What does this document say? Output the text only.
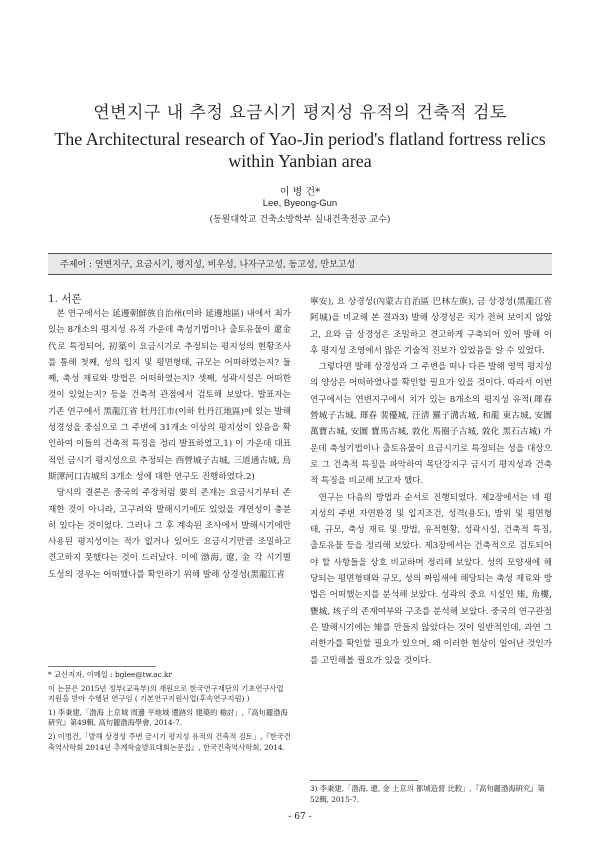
연변지구 내 추정 요금시기 평지성 유적의 건축적 검토
The Architectural research of Yao-Jin period's flatland fortress relics
within Yanbian area
이 병 건*
Lee, Byeong-Gun
(동원대학교 건축소방학부 실내건축전공 교수)
주제어 : 연변지구, 요금시기, 평지성, 비우성, 나자구고성, 동고성, 만보고성
1. 서론

본 연구에서는 延邊朝鮮族自治州(이하 延邊地區) 내에서 최가 있는 8개소의 평지성 유적 가운데 축성기법이나 출토유물이 遼金代로 특정되어, 初築이 요금시기로 추정되는 평지성의 현황조사를 통해 첫째, 성의 입지 및 평면형태, 규모는 어떠하였는지? 둘째, 축성 재료와 방법은 어떠하였는지? 셋째, 성곽시설은 어떠한 것이 있었는지? 등을 건축적 관점에서 검토해 보았다. 발표자는 기존 연구에서 黑龍江省 牡丹江市(이하 牡丹江地區)에 있는 발해 성경성을 중심으로 그 주변에 31개소 이상의 평지성이 있음을 확인하여 이들의 건축적 특징을 정리 발표하였고,1) 이 가운데 대표적인 금시기 평지성으로 추정되는 西營城子古城, 三道通古城, 烏斯渾河口古城의 3개소 성에 대한 연구도 진행하였다.2)

당시의 결론은 중국의 주장처럼 要의 존재는 요금시기부터 존재한 것이 아니라, 고구려와 발해시기에도 있었을 개연성이 충분히 있다는 것이었다. 그러나 그 후 계속된 조사에서 발해시기에만 사용된 평지성이는 적가 없거나 있어도 요금시기만큼 조밀하고 견고하지 못했다는 것이 드러났다. 이에 渤海, 遼, 金 각 시기별 도성의 경우는 어떠했나를 확인하기 위해 발해 상경성(黑龍江省

* 교신저자, 이메일 : bglee@tw.ac.kr
이 논문은 2015년 정부(교육부)의 재원으로 한국연구재단의 기초연구사업 지원을 받아 수행된 연구임 ( 기본연구지원사업(후속연구지원) )
1) 李秉建,「渤海 上京城 周邊 平地城 遺跡의 建築的 檢討」,『高句麗渤海硏究』第49輯, 高句麗渤海學會, 2014-7.
2) 이병건,「발해 상경성 주변 금시기 평지성 유적의 건축적 검토」,『한국건축역사학회 2014년 추계학술발표대회논문집』, 한국건축역사학회, 2014.

寧安), 요 상경성(內蒙古自治區 巴林左旗), 금 상경성(黑龍江省 阿城)을 비교해 본 결과3) 발해 상경성은 치가 전혀 보이지 않았고, 요와 금 상경성은 조밀하고 견고하게 구축되어 있어 발해 이후 평지성 조영에서 많은 기술적 진보가 있었음을 알 수 있었다.

그렇다면 발해 상경성과 그 주변을 떠나 다른 발해 영역 평지성의 양상은 어떠하였나를 확인할 필요가 있을 것이다. 따라서 이번 연구에서는 연변지구에서 치가 있는 8개소의 평지성 유적(琿春 營城子古城, 琿春 裴優城, 汪淸 羅子溝古城, 和龍 東古城, 安圖 萬寶古城, 安圖 寶馬古城, 敦化 馬圈子古城, 敦化 黑石古城) 가운데 축성기법이나 출토유물이 요금시기로 특정되는 성을 대상으로 그 건축적 특징을 파악하여 목단강지구 금시기 평지성과 건축적 특징을 비교해 보고자 했다.

연구는 다음의 방법과 순서로 진행되었다. 제2장에서는 네 평지성의 주변 자연환경 및 입지조건, 성격(용도), 방위 및 평면형태, 규모, 축성 재료 및 방법, 유적현황, 성곽시설, 건축적 특징, 출토유물 등을 정리해 보았다. 제3장에서는 건축적으로 검토되어야 할 사항들을 상호 비교하며 정리해 보았다. 성의 모양새에 해당되는 평면형태와 규모, 성의 짜임새에 해당되는 축성 재료와 방법은 어떠했는지를 분석해 보았다. 성곽의 중요 시설인 雉, 角樓, 甕城, 垓子의 존재여부와 구조를 분석해 보았다. 중국의 연구관점은 발해시기에는 雉를 만들지 않았다는 것이 일반적인데, 과연 그러한가를 확인할 필요가 있으며, 왜 이러한 현상이 일어난 것인가를 고민해볼 필요가 있을 것이다.

3) 李秉建,「渤海, 遼, 金 上京의 都城造營 比較」,『高句麗渤海硏究』第52輯, 2015-7.
- 67 -
